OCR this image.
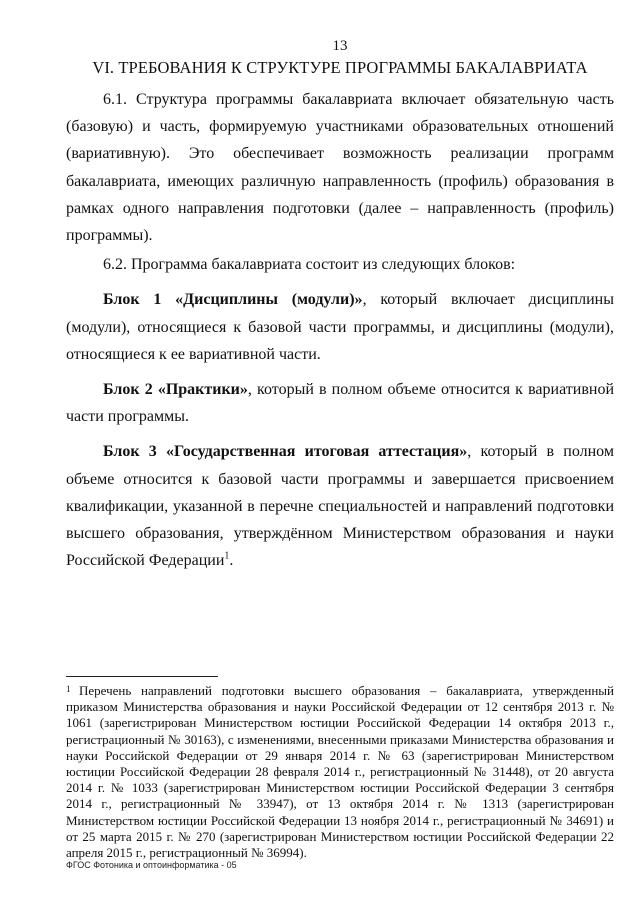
13
VI. ТРЕБОВАНИЯ К СТРУКТУРЕ ПРОГРАММЫ БАКАЛАВРИАТА

6.1. Структура программы бакалавриата включает обязательную часть (базовую) и часть, формируемую участниками образовательных отношений (вариативную). Это обеспечивает возможность реализации программ бакалавриата, имеющих различную направленность (профиль) образования в рамках одного направления подготовки (далее – направленность (профиль) программы).

6.2. Программа бакалавриата состоит из следующих блоков:

Блок 1 «Дисциплины (модули)», который включает дисциплины (модули), относящиеся к базовой части программы, и дисциплины (модули), относящиеся к ее вариативной части.

Блок 2 «Практики», который в полном объеме относится к вариативной части программы.

Блок 3 «Государственная итоговая аттестация», который в полном объеме относится к базовой части программы и завершается присвоением квалификации, указанной в перечне специальностей и направлений подготовки высшего образования, утверждённом Министерством образования и науки Российской Федерации$^1$.

1 Перечень направлений подготовки высшего образования – бакалавриата, утвержденный приказом Министерства образования и науки Российской Федерации от 12 сентября 2013 г. № 1061 (зарегистрирован Министерством юстиции Российской Федерации 14 октября 2013 г., регистрационный № 30163), с изменениями, внесенными приказами Министерства образования и науки Российской Федерации от 29 января 2014 г. № 63 (зарегистрирован Министерством юстиции Российской Федерации 28 февраля 2014 г., регистрационный № 31448), от 20 августа 2014 г. № 1033 (зарегистрирован Министерством юстиции Российской Федерации 3 сентября 2014 г., регистрационный № 33947), от 13 октября 2014 г. № 1313 (зарегистрирован Министерством юстиции Российской Федерации 13 ноября 2014 г., регистрационный № 34691) и от 25 марта 2015 г. № 270 (зарегистрирован Министерством юстиции Российской Федерации 22 апреля 2015 г., регистрационный № 36994).

ФГОС Фотоника и оптоинформатика - 05
